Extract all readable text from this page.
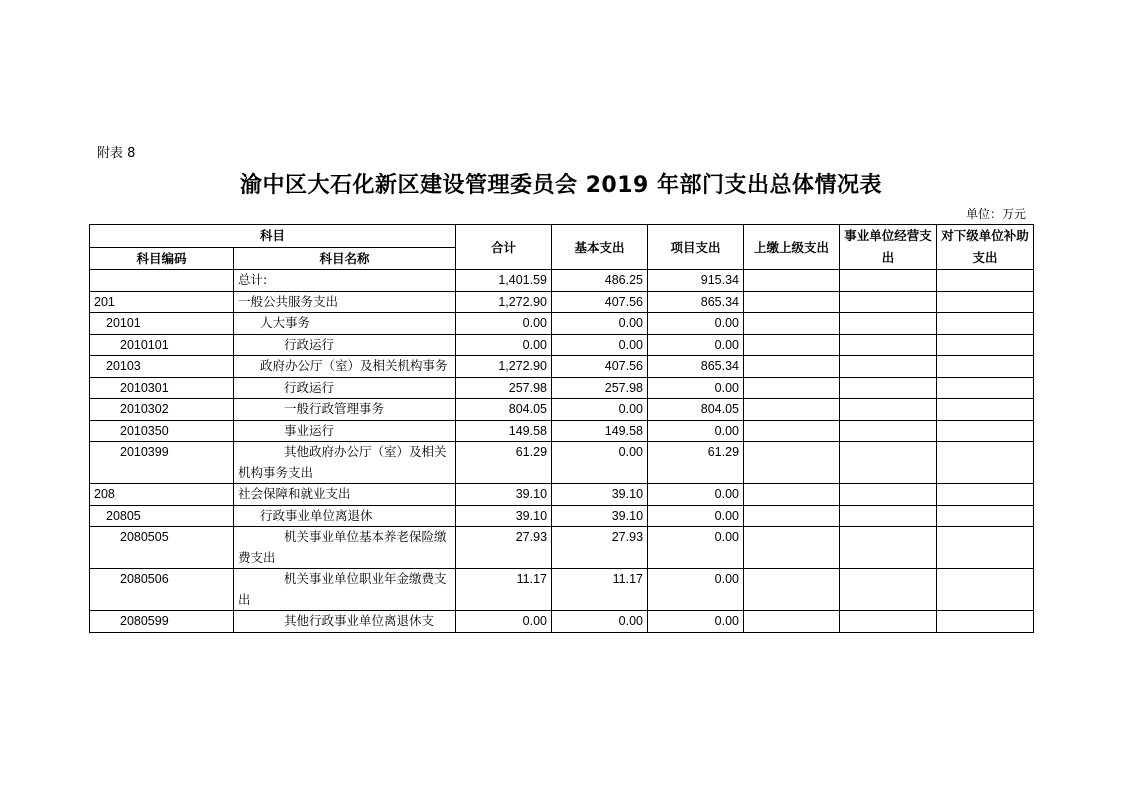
附表 8
渝中区大石化新区建设管理委员会 2019 年部门支出总体情况表
单位：万元
科目		合计	基本支出	项目支出	上缴上级支出	事业单位经营支出	对下级单位补助支出
科目编码	科目名称						
	总计:	1,401.59	486.25	915.34			
201	一般公共服务支出	1,272.90	407.56	865.34			
20101	人大事务	0.00	0.00	0.00			
2010101	行政运行	0.00	0.00	0.00			
20103	政府办公厅（室）及相关机构事务	1,272.90	407.56	865.34			
2010301	行政运行	257.98	257.98	0.00			
2010302	一般行政管理事务	804.05	0.00	804.05			
2010350	事业运行	149.58	149.58	0.00			
2010399	其他政府办公厅（室）及相关机构事务支出	61.29	0.00	61.29			
208	社会保障和就业支出	39.10	39.10	0.00			
20805	行政事业单位离退休	39.10	39.10	0.00			
2080505	机关事业单位基本养老保险缴费支出	27.93	27.93	0.00			
2080506	机关事业单位职业年金缴费支出	11.17	11.17	0.00			
2080599	其他行政事业单位离退休支	0.00	0.00	0.00			
